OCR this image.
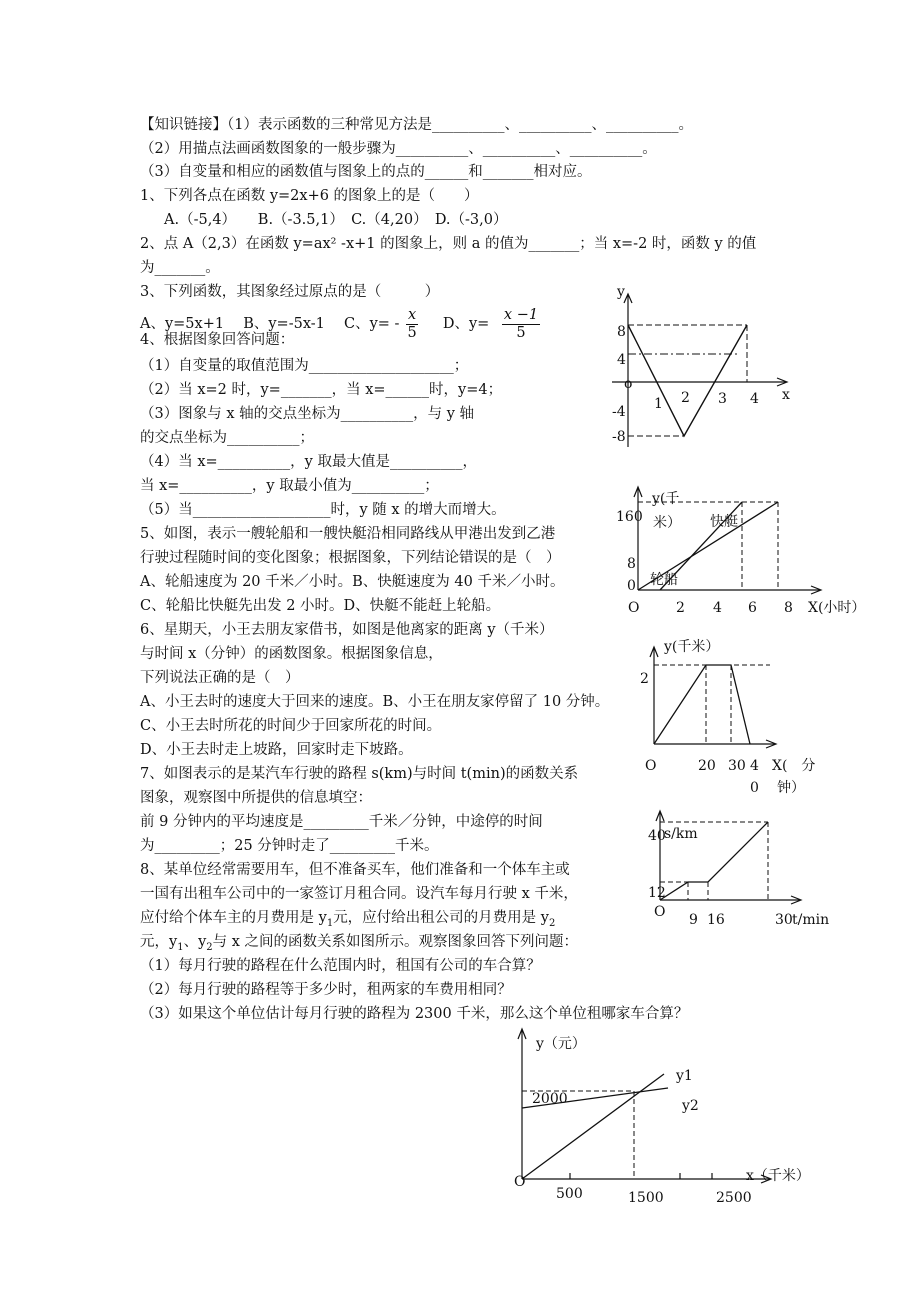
【知识链接】（1）表示函数的三种常见方法是__________、__________、__________。
（2）用描点法画函数图象的一般步骤为__________、__________、__________。
（3）自变量和相应的函数值与图象上的点的______和_______相对应。
1、下列各点在函数 y=2x+6 的图象上的是（　　）
A.（-5,4）　　B.（-3.5,1）　C.（4,20）　D.（-3,0）
2、点 A（2,3）在函数 y=ax² -x+1 的图象上，则 a 的值为_______；当 x=-2 时，函数 y 的值
为_______。
3、下列函数，其图象经过原点的是（　　　）
A、y=5x+1　 B、y=-5x-1　 C、$y= - \frac{x}{5}$ D、$y= \frac{x -1}{5}$
4、根据图象回答问题：
（1）自变量的取值范围为____________________；
（2）当 x=2 时，y=_______，当 x=______时，y=4；
（3）图象与 x 轴的交点坐标为__________，与 y 轴
的交点坐标为__________；
（4）当 x=__________，y 取最大值是__________，
当 x=__________，y 取最小值为__________；
（5）当___________________时，y 随 x 的增大而增大。
5、如图，表示一艘轮船和一艘快艇沿相同路线从甲港出发到乙港
行驶过程随时间的变化图象；根据图象，下列结论错误的是（　）
A、轮船速度为 20 千米／小时。B、快艇速度为 40 千米／小时。
C、轮船比快艇先出发 2 小时。D、快艇不能赶上轮船。
6、星期天，小王去朋友家借书，如图是他离家的距离 y（千米）
与时间 x（分钟）的函数图象。根据图象信息，
下列说法正确的是（　）
A、小王去时的速度大于回来的速度。B、小王在朋友家停留了 10 分钟。
C、小王去时所花的时间少于回家所花的时间。
D、小王去时走上坡路，回家时走下坡路。
7、如图表示的是某汽车行驶的路程 s(km)与时间 t(min)的函数关系
图象，观察图中所提供的信息填空：
前 9 分钟内的平均速度是_________千米／分钟，中途停的时间
为_________；25 分钟时走了_________千米。
8、某单位经常需要用车，但不准备买车，他们准备和一个体车主或
一国有出租车公司中的一家签订月租合同。设汽车每月行驶 x 千米，
应付给个体车主的月费用是 $y_1$元，应付给出租公司的月费用是 $y_2$
元，$y_1$、$y_2$与 x 之间的函数关系如图所示。观察图象回答下列问题：
（1）每月行驶的路程在什么范围内时，租国有公司的车合算？
（2）每月行驶的路程等于多少时，租两家的车费用相同？
（3）如果这个单位估计每月行驶的路程为 2300 千米，那么这个单位租哪家车合算？
y
x
o
8
4
-4
-8
1 2 3 4
y(千
米） 快艇
轮船
160
8
0
O	2 4 6 8 X(小时）
y(千米）
2
O	20 30 4
0
X(　分
钟）
s/km
40
12
O 9 16	30 t/min
y（元）
2000
O
500	1500	2500
x（千米）
y1
y2
